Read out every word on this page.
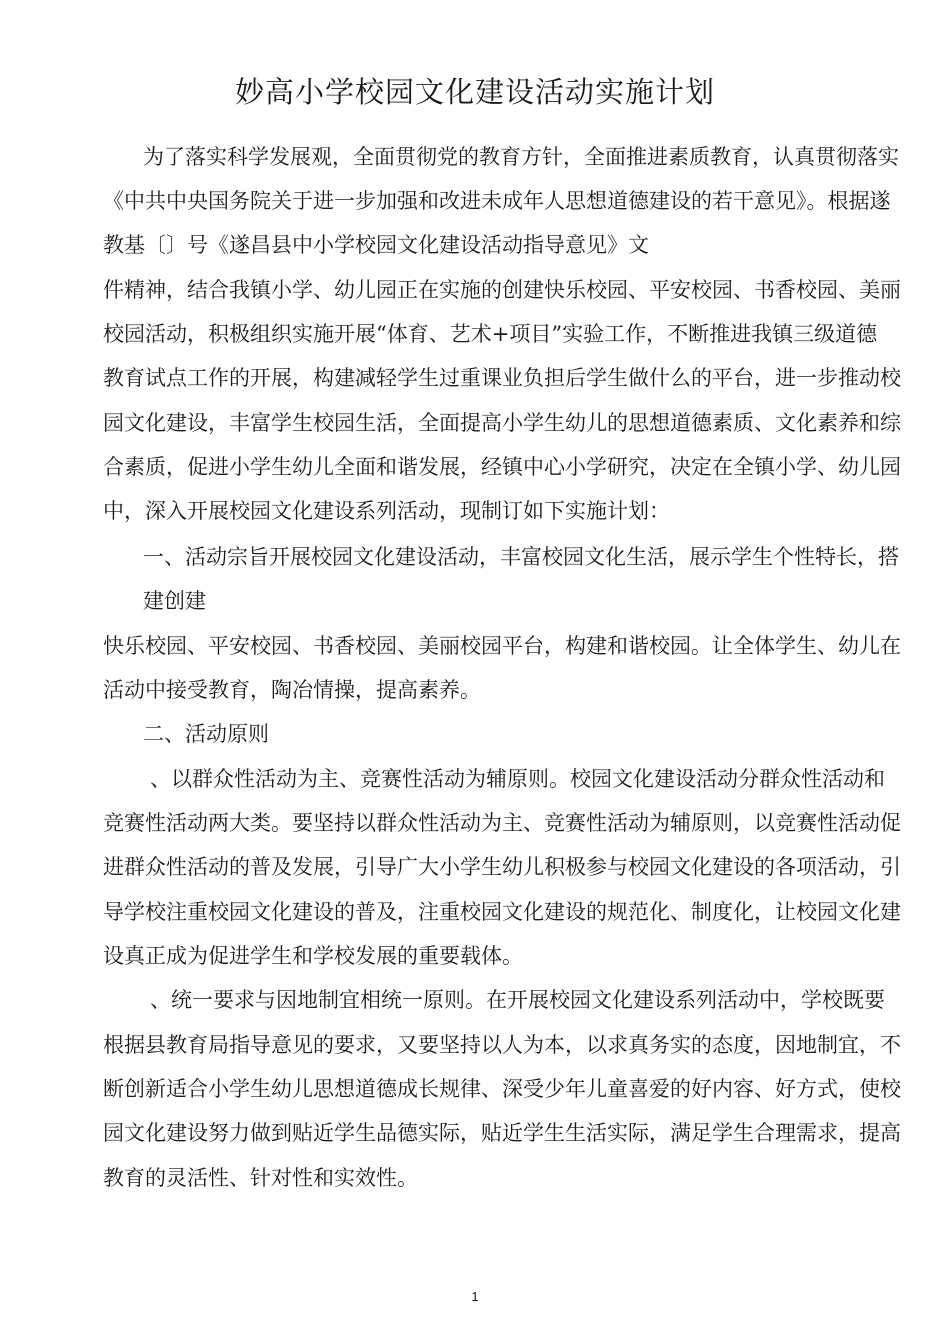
妙高小学校园文化建设活动实施计划
为了落实科学发展观，全面贯彻党的教育方针，全面推进素质教育，认真贯彻落实
《中共中央国务院关于进一步加强和改进未成年人思想道德建设的若干意见》。根据遂
教基〔〕号《遂昌县中小学校园文化建设活动指导意见》文
件精神，结合我镇小学、幼儿园正在实施的创建快乐校园、平安校园、书香校园、美丽
校园活动，积极组织实施开展“体育、艺术+项目”实验工作，不断推进我镇三级道德
教育试点工作的开展，构建减轻学生过重课业负担后学生做什么的平台，进一步推动校
园文化建设，丰富学生校园生活，全面提高小学生幼儿的思想道德素质、文化素养和综
合素质，促进小学生幼儿全面和谐发展，经镇中心小学研究，决定在全镇小学、幼儿园
中，深入开展校园文化建设系列活动，现制订如下实施计划：
一、活动宗旨开展校园文化建设活动，丰富校园文化生活，展示学生个性特长，搭
建创建
快乐校园、平安校园、书香校园、美丽校园平台，构建和谐校园。让全体学生、幼儿在
活动中接受教育，陶冶情操，提高素养。
二、活动原则
、以群众性活动为主、竞赛性活动为辅原则。校园文化建设活动分群众性活动和
竞赛性活动两大类。要坚持以群众性活动为主、竞赛性活动为辅原则，以竞赛性活动促
进群众性活动的普及发展，引导广大小学生幼儿积极参与校园文化建设的各项活动，引
导学校注重校园文化建设的普及，注重校园文化建设的规范化、制度化，让校园文化建
设真正成为促进学生和学校发展的重要载体。
、统一要求与因地制宜相统一原则。在开展校园文化建设系列活动中，学校既要
根据县教育局指导意见的要求，又要坚持以人为本，以求真务实的态度，因地制宜，不
断创新适合小学生幼儿思想道德成长规律、深受少年儿童喜爱的好内容、好方式，使校
园文化建设努力做到贴近学生品德实际，贴近学生生活实际，满足学生合理需求，提高
教育的灵活性、针对性和实效性。
1
